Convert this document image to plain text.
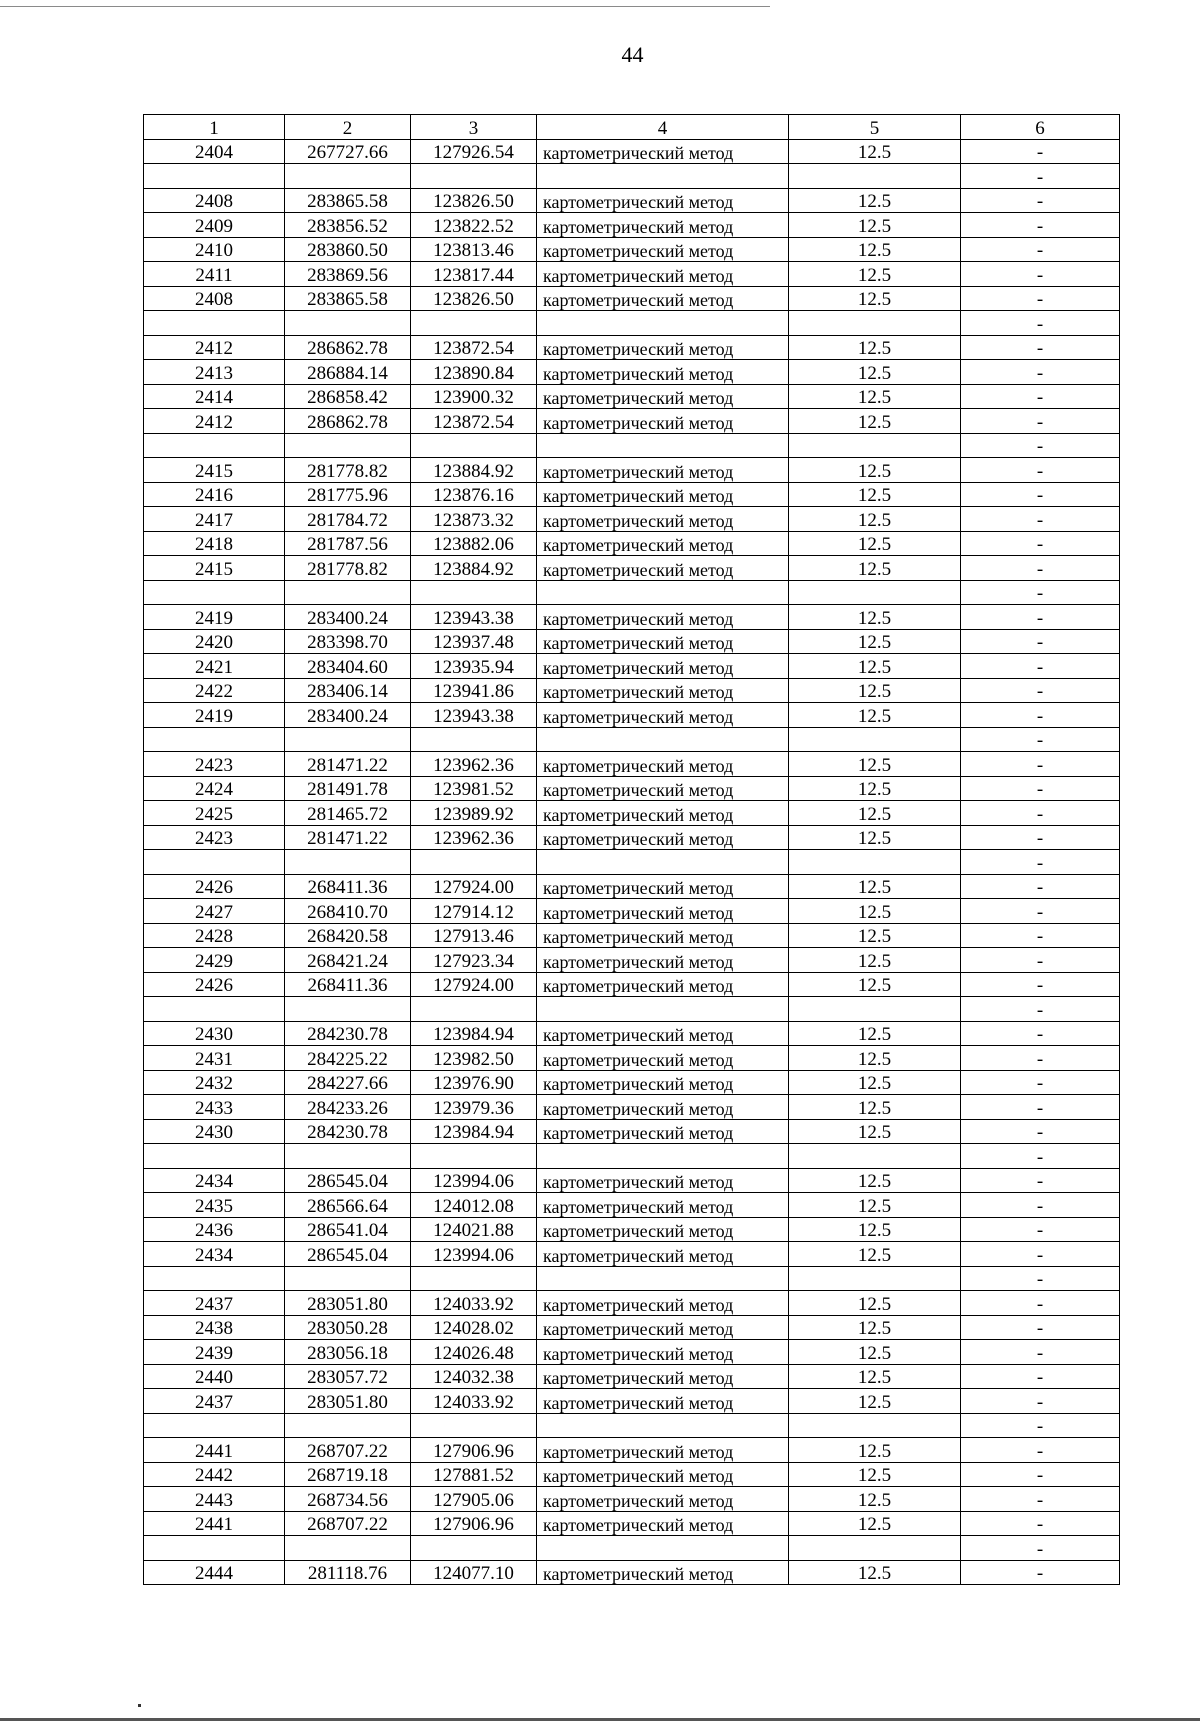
44
1	2	3	4	5	6
2404	267727.66	127926.54	картометрический метод	12.5	-
					-
2408	283865.58	123826.50	картометрический метод	12.5	-
2409	283856.52	123822.52	картометрический метод	12.5	-
2410	283860.50	123813.46	картометрический метод	12.5	-
2411	283869.56	123817.44	картометрический метод	12.5	-
2408	283865.58	123826.50	картометрический метод	12.5	-
					-
2412	286862.78	123872.54	картометрический метод	12.5	-
2413	286884.14	123890.84	картометрический метод	12.5	-
2414	286858.42	123900.32	картометрический метод	12.5	-
2412	286862.78	123872.54	картометрический метод	12.5	-
					-
2415	281778.82	123884.92	картометрический метод	12.5	-
2416	281775.96	123876.16	картометрический метод	12.5	-
2417	281784.72	123873.32	картометрический метод	12.5	-
2418	281787.56	123882.06	картометрический метод	12.5	-
2415	281778.82	123884.92	картометрический метод	12.5	-
					-
2419	283400.24	123943.38	картометрический метод	12.5	-
2420	283398.70	123937.48	картометрический метод	12.5	-
2421	283404.60	123935.94	картометрический метод	12.5	-
2422	283406.14	123941.86	картометрический метод	12.5	-
2419	283400.24	123943.38	картометрический метод	12.5	-
					-
2423	281471.22	123962.36	картометрический метод	12.5	-
2424	281491.78	123981.52	картометрический метод	12.5	-
2425	281465.72	123989.92	картометрический метод	12.5	-
2423	281471.22	123962.36	картометрический метод	12.5	-
					-
2426	268411.36	127924.00	картометрический метод	12.5	-
2427	268410.70	127914.12	картометрический метод	12.5	-
2428	268420.58	127913.46	картометрический метод	12.5	-
2429	268421.24	127923.34	картометрический метод	12.5	-
2426	268411.36	127924.00	картометрический метод	12.5	-
					-
2430	284230.78	123984.94	картометрический метод	12.5	-
2431	284225.22	123982.50	картометрический метод	12.5	-
2432	284227.66	123976.90	картометрический метод	12.5	-
2433	284233.26	123979.36	картометрический метод	12.5	-
2430	284230.78	123984.94	картометрический метод	12.5	-
					-
2434	286545.04	123994.06	картометрический метод	12.5	-
2435	286566.64	124012.08	картометрический метод	12.5	-
2436	286541.04	124021.88	картометрический метод	12.5	-
2434	286545.04	123994.06	картометрический метод	12.5	-
					-
2437	283051.80	124033.92	картометрический метод	12.5	-
2438	283050.28	124028.02	картометрический метод	12.5	-
2439	283056.18	124026.48	картометрический метод	12.5	-
2440	283057.72	124032.38	картометрический метод	12.5	-
2437	283051.80	124033.92	картометрический метод	12.5	-
					-
2441	268707.22	127906.96	картометрический метод	12.5	-
2442	268719.18	127881.52	картометрический метод	12.5	-
2443	268734.56	127905.06	картометрический метод	12.5	-
2441	268707.22	127906.96	картометрический метод	12.5	-
					-
2444	281118.76	124077.10	картометрический метод	12.5	-
